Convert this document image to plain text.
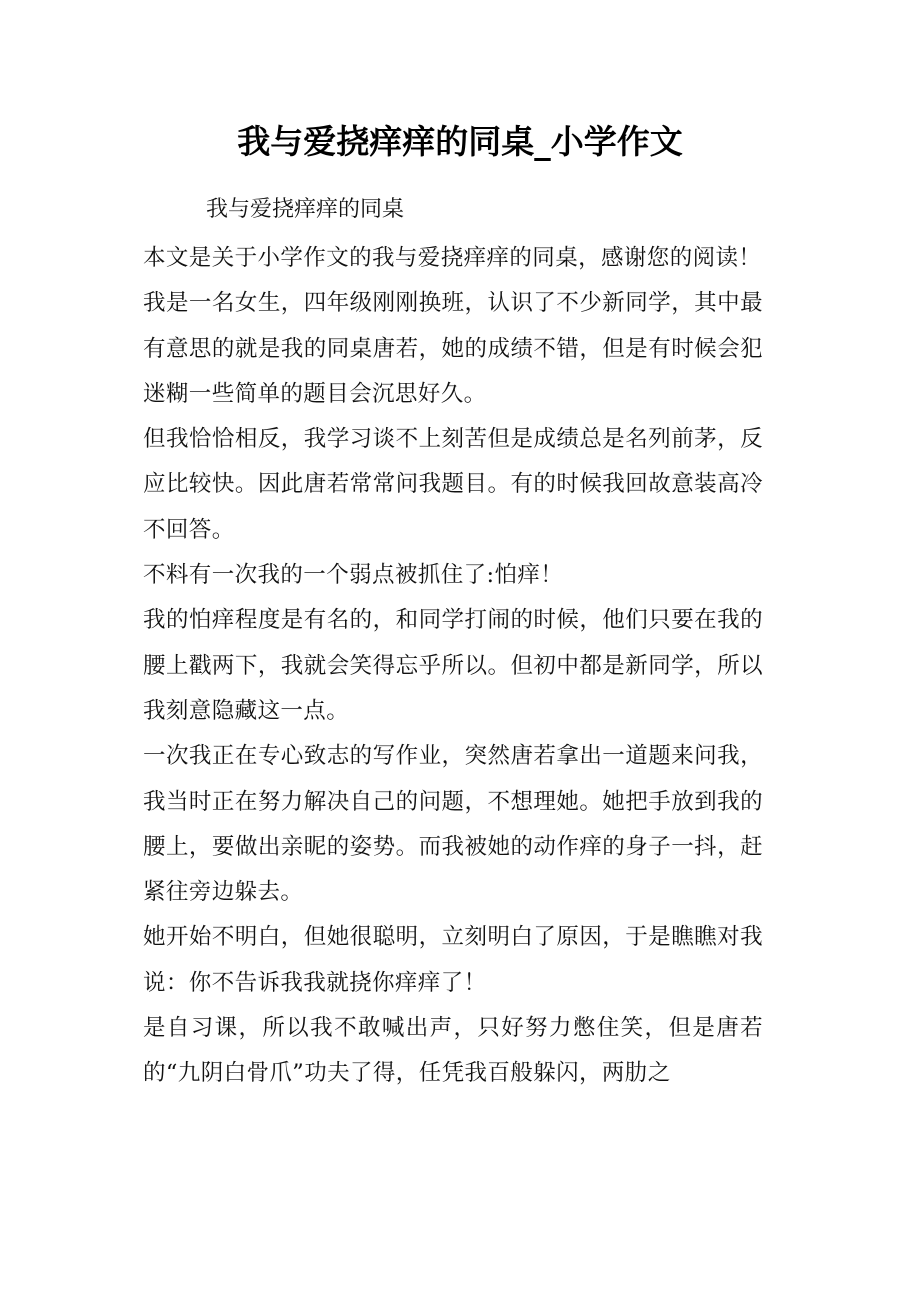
我与爱挠痒痒的同桌_小学作文

我与爱挠痒痒的同桌

本文是关于小学作文的我与爱挠痒痒的同桌，感谢您的阅读！

我是一名女生，四年级刚刚换班，认识了不少新同学，其中最有意思的就是我的同桌唐若，她的成绩不错，但是有时候会犯迷糊一些简单的题目会沉思好久。

但我恰恰相反，我学习谈不上刻苦但是成绩总是名列前茅，反应比较快。因此唐若常常问我题目。有的时候我回故意装高冷不回答。

不料有一次我的一个弱点被抓住了:怕痒！

我的怕痒程度是有名的，和同学打闹的时候，他们只要在我的腰上戳两下，我就会笑得忘乎所以。但初中都是新同学，所以我刻意隐藏这一点。

一次我正在专心致志的写作业，突然唐若拿出一道题来问我，我当时正在努力解决自己的问题，不想理她。她把手放到我的腰上，要做出亲昵的姿势。而我被她的动作痒的身子一抖，赶紧往旁边躲去。

她开始不明白，但她很聪明，立刻明白了原因，于是瞧瞧对我说：你不告诉我我就挠你痒痒了！

是自习课，所以我不敢喊出声，只好努力憋住笑，但是唐若的“九阴白骨爪”功夫了得，任凭我百般躲闪，两肋之
